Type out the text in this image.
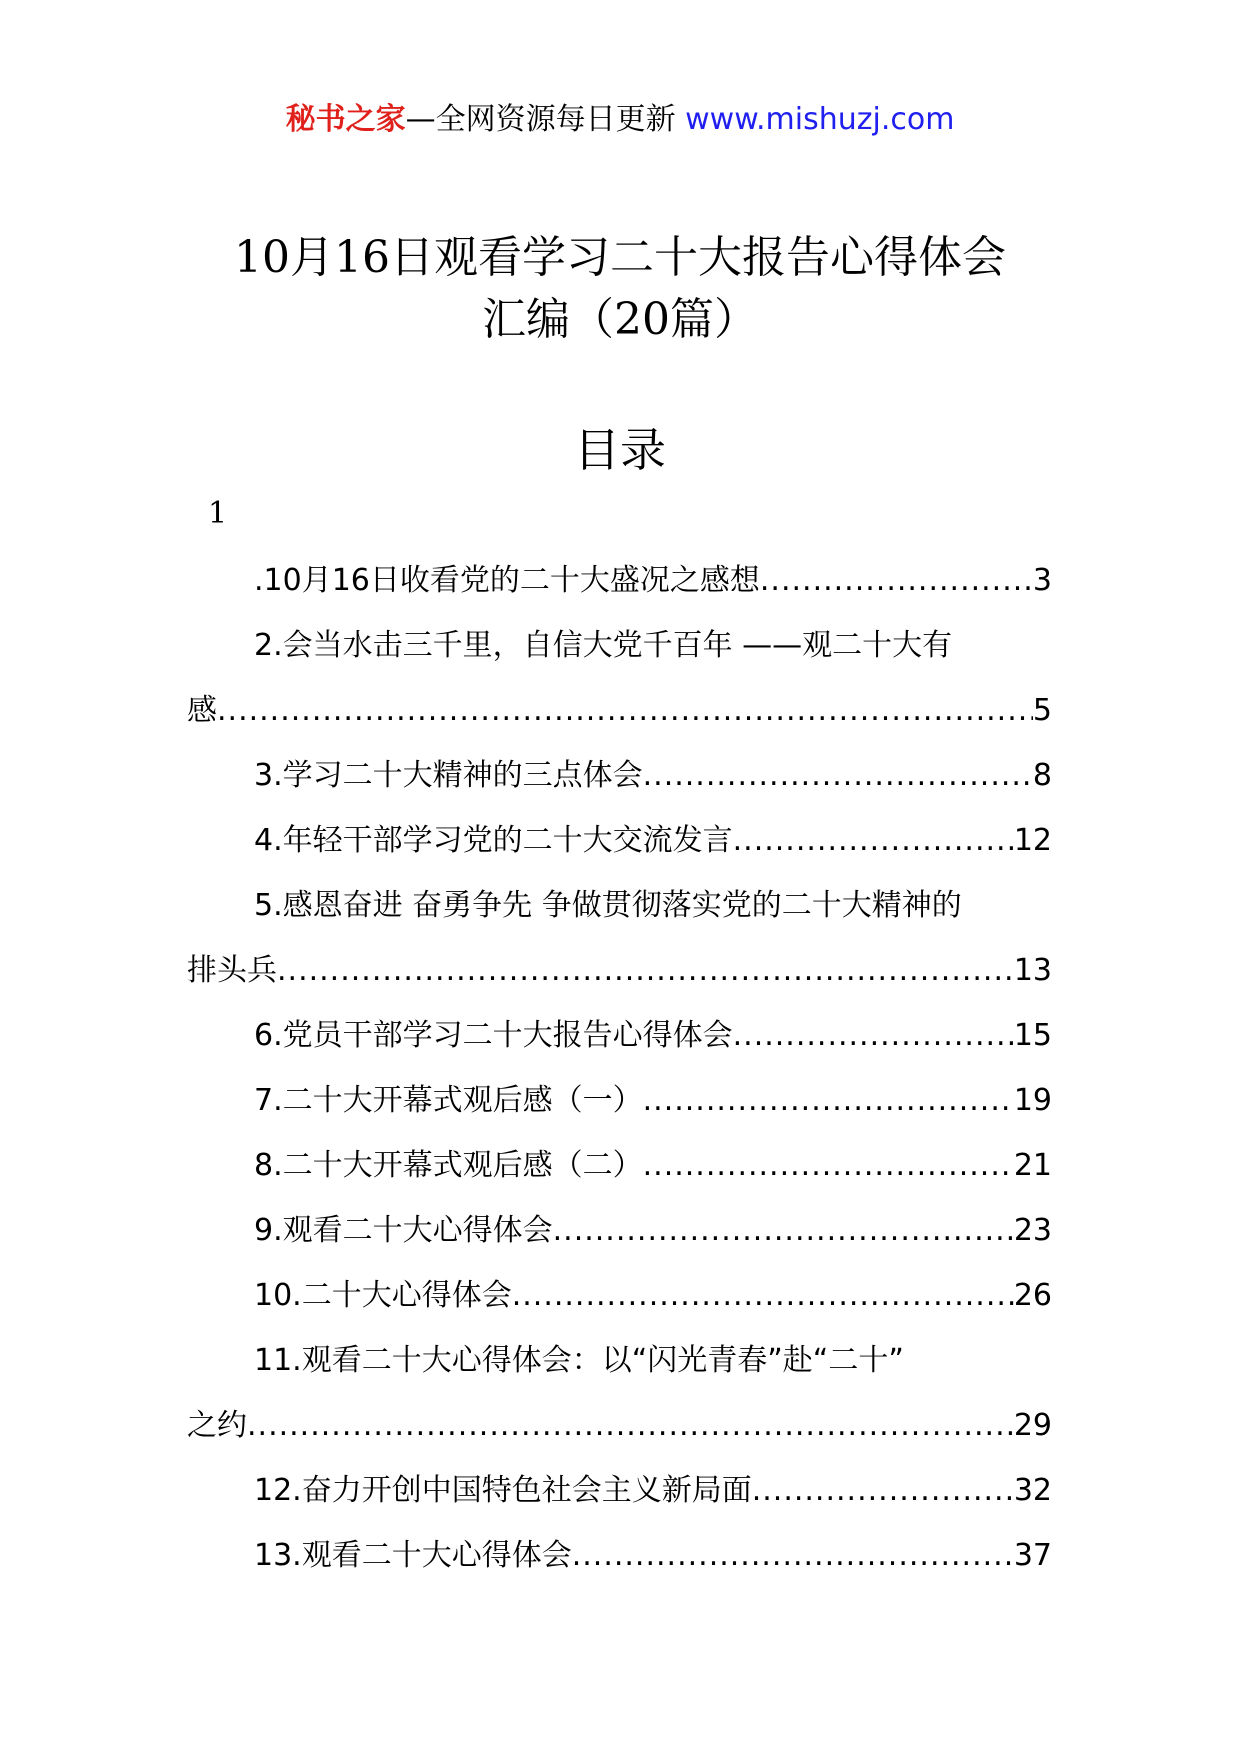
秘书之家—全网资源每日更新 www.mishuzj.com
10月16日观看学习二十大报告心得体会
汇编（20篇）
目录
1
.10月16日收看党的二十大盛况之感想 .....	3
2.会当水击三千里，自信大党千百年 ——观二十大有
感 .....	5
3.学习二十大精神的三点体会 .....	8
4.年轻干部学习党的二十大交流发言 .....	12
5.感恩奋进 奋勇争先 争做贯彻落实党的二十大精神的
排头兵 .....	13
6.党员干部学习二十大报告心得体会 .....	15
7.二十大开幕式观后感（一） .....	19
8.二十大开幕式观后感（二） .....	21
9.观看二十大心得体会 .....	23
10.二十大心得体会 .....	26
11.观看二十大心得体会：以“闪光青春”赴“二十”
之约 .....	29
12.奋力开创中国特色社会主义新局面 .....	32
13.观看二十大心得体会 .....	37
